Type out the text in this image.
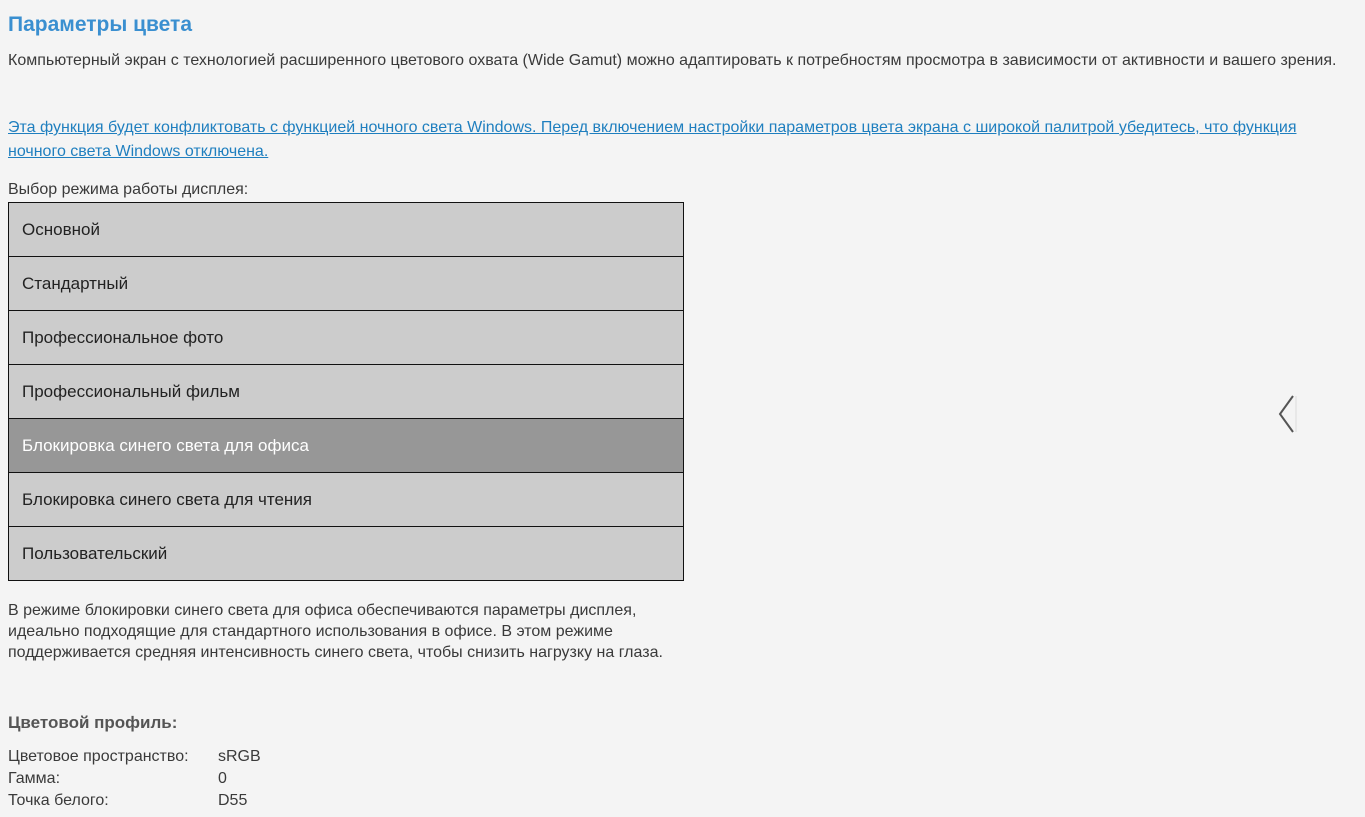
Параметры цвета

Компьютерный экран с технологией расширенного цветового охвата (Wide Gamut) можно адаптировать к потребностям просмотра в зависимости от активности и вашего зрения.

Эта функция будет конфликтовать с функцией ночного света Windows. Перед включением настройки параметров цвета экрана с широкой палитрой убедитесь, что функция
ночного света Windows отключена.

Выбор режима работы дисплея:

Основной
Стандартный
Профессиональное фото
Профессиональный фильм
Блокировка синего света для офиса
Блокировка синего света для чтения
Пользовательский

В режиме блокировки синего света для офиса обеспечиваются параметры дисплея, идеально подходящие для стандартного использования в офисе. В этом режиме поддерживается средняя интенсивность синего света, чтобы снизить нагрузку на глаза.

Цветовой профиль:
Цветовое пространство:	sRGB
Гамма:	0
Точка белого:	D55
